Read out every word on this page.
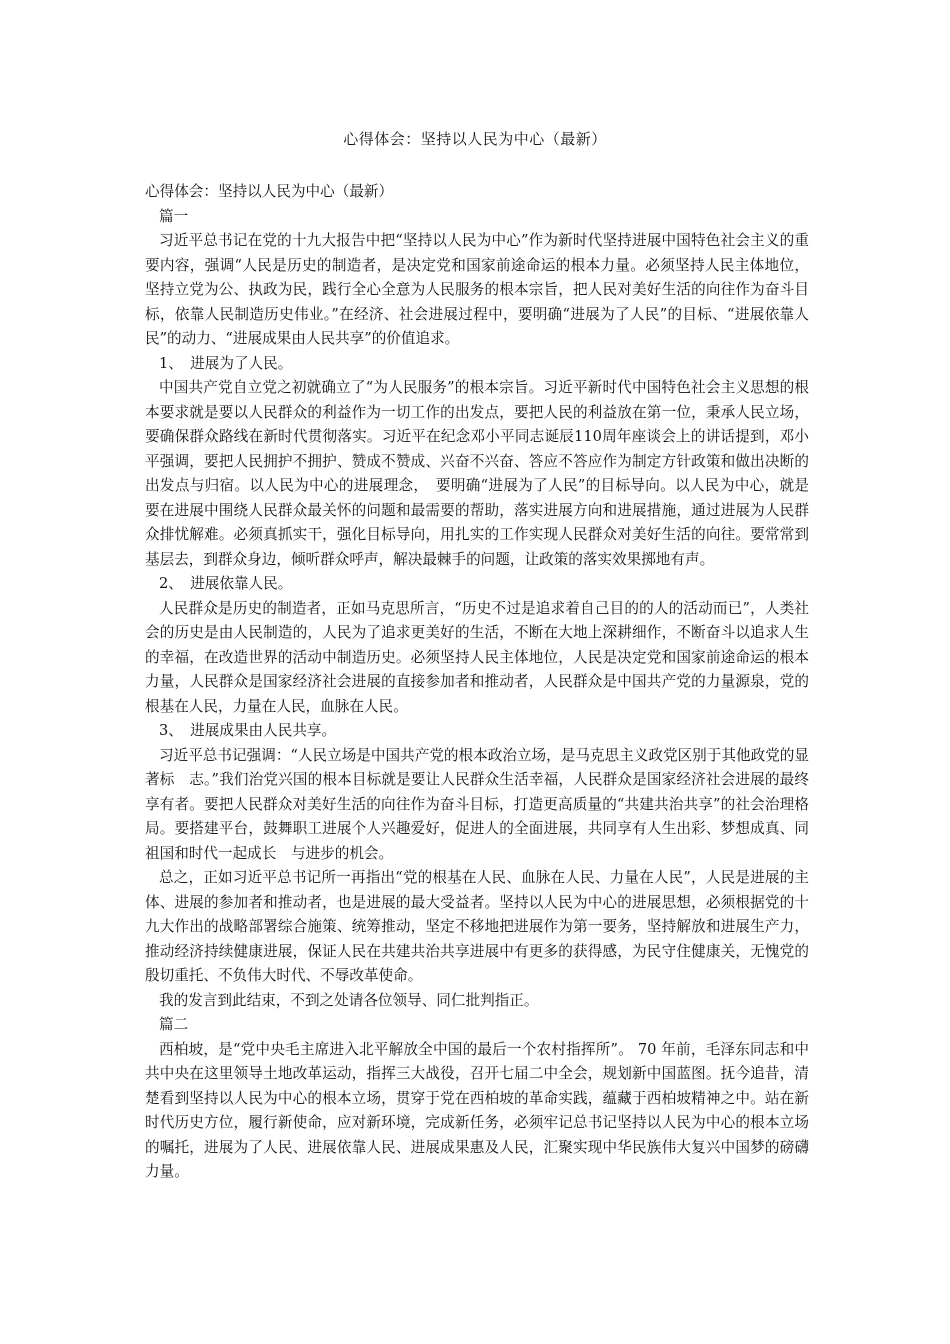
心得体会：坚持以人民为中心（最新）

心得体会：坚持以人民为中心（最新）

篇一

习近平总书记在党的十九大报告中把“坚持以人民为中心”作为新时代坚持进展中国特色社会主义的重要内容，强调“人民是历史的制造者，是决定党和国家前途命运的根本力量。必须坚持人民主体地位，坚持立党为公、执政为民，践行全心全意为人民服务的根本宗旨，把人民对美好生活的向往作为奋斗目标，依靠人民制造历史伟业。”在经济、社会进展过程中，要明确“进展为了人民”的目标、“进展依靠人民”的动力、“进展成果由人民共享”的价值追求。

1、　进展为了人民。

中国共产党自立党之初就确立了“为人民服务”的根本宗旨。习近平新时代中国特色社会主义思想的根本要求就是要以人民群众的利益作为一切工作的出发点，要把人民的利益放在第一位，秉承人民立场，要确保群众路线在新时代贯彻落实。习近平在纪念邓小平同志诞辰110周年座谈会上的讲话提到，邓小平强调，要把人民拥护不拥护、赞成不赞成、兴奋不兴奋、答应不答应作为制定方针政策和做出决断的出发点与归宿。以人民为中心的进展理念，　要明确“进展为了人民”的目标导向。以人民为中心，就是要在进展中围绕人民群众最关怀的问题和最需要的帮助，落实进展方向和进展措施，通过进展为人民群众排忧解难。必须真抓实干，强化目标导向，用扎实的工作实现人民群众对美好生活的向往。要常常到基层去，到群众身边，倾听群众呼声，解决最棘手的问题，让政策的落实效果掷地有声。

2、　进展依靠人民。

人民群众是历史的制造者，正如马克思所言，“历史不过是追求着自己目的的人的活动而已”，人类社会的历史是由人民制造的，人民为了追求更美好的生活，不断在大地上深耕细作，不断奋斗以追求人生的幸福，在改造世界的活动中制造历史。必须坚持人民主体地位，人民是决定党和国家前途命运的根本力量，人民群众是国家经济社会进展的直接参加者和推动者，人民群众是中国共产党的力量源泉，党的根基在人民，力量在人民，血脉在人民。

3、　进展成果由人民共享。

习近平总书记强调：“人民立场是中国共产党的根本政治立场，是马克思主义政党区别于其他政党的显著标　志。”我们治党兴国的根本目标就是要让人民群众生活幸福，人民群众是国家经济社会进展的最终享有者。要把人民群众对美好生活的向往作为奋斗目标，打造更高质量的“共建共治共享”的社会治理格局。要搭建平台，鼓舞职工进展个人兴趣爱好，促进人的全面进展，共同享有人生出彩、梦想成真、同祖国和时代一起成长　与进步的机会。

总之，正如习近平总书记所一再指出“党的根基在人民、血脉在人民、力量在人民”，人民是进展的主体、进展的参加者和推动者，也是进展的最大受益者。坚持以人民为中心的进展思想，必须根据党的十九大作出的战略部署综合施策、统筹推动，坚定不移地把进展作为第一要务，坚持解放和进展生产力，推动经济持续健康进展，保证人民在共建共治共享进展中有更多的获得感，为民守住健康关，无愧党的殷切重托、不负伟大时代、不辱改革使命。

我的发言到此结束，不到之处请各位领导、同仁批判指正。

篇二

西柏坡，是“党中央毛主席进入北平解放全中国的最后一个农村指挥所”。 70 年前，毛泽东同志和中共中央在这里领导土地改革运动，指挥三大战役，召开七届二中全会，规划新中国蓝图。抚今追昔，清楚看到坚持以人民为中心的根本立场，贯穿于党在西柏坡的革命实践，蕴藏于西柏坡精神之中。站在新时代历史方位，履行新使命，应对新环境，完成新任务，必须牢记总书记坚持以人民为中心的根本立场的嘱托，进展为了人民、进展依靠人民、进展成果惠及人民，汇聚实现中华民族伟大复兴中国梦的磅礴力量。
